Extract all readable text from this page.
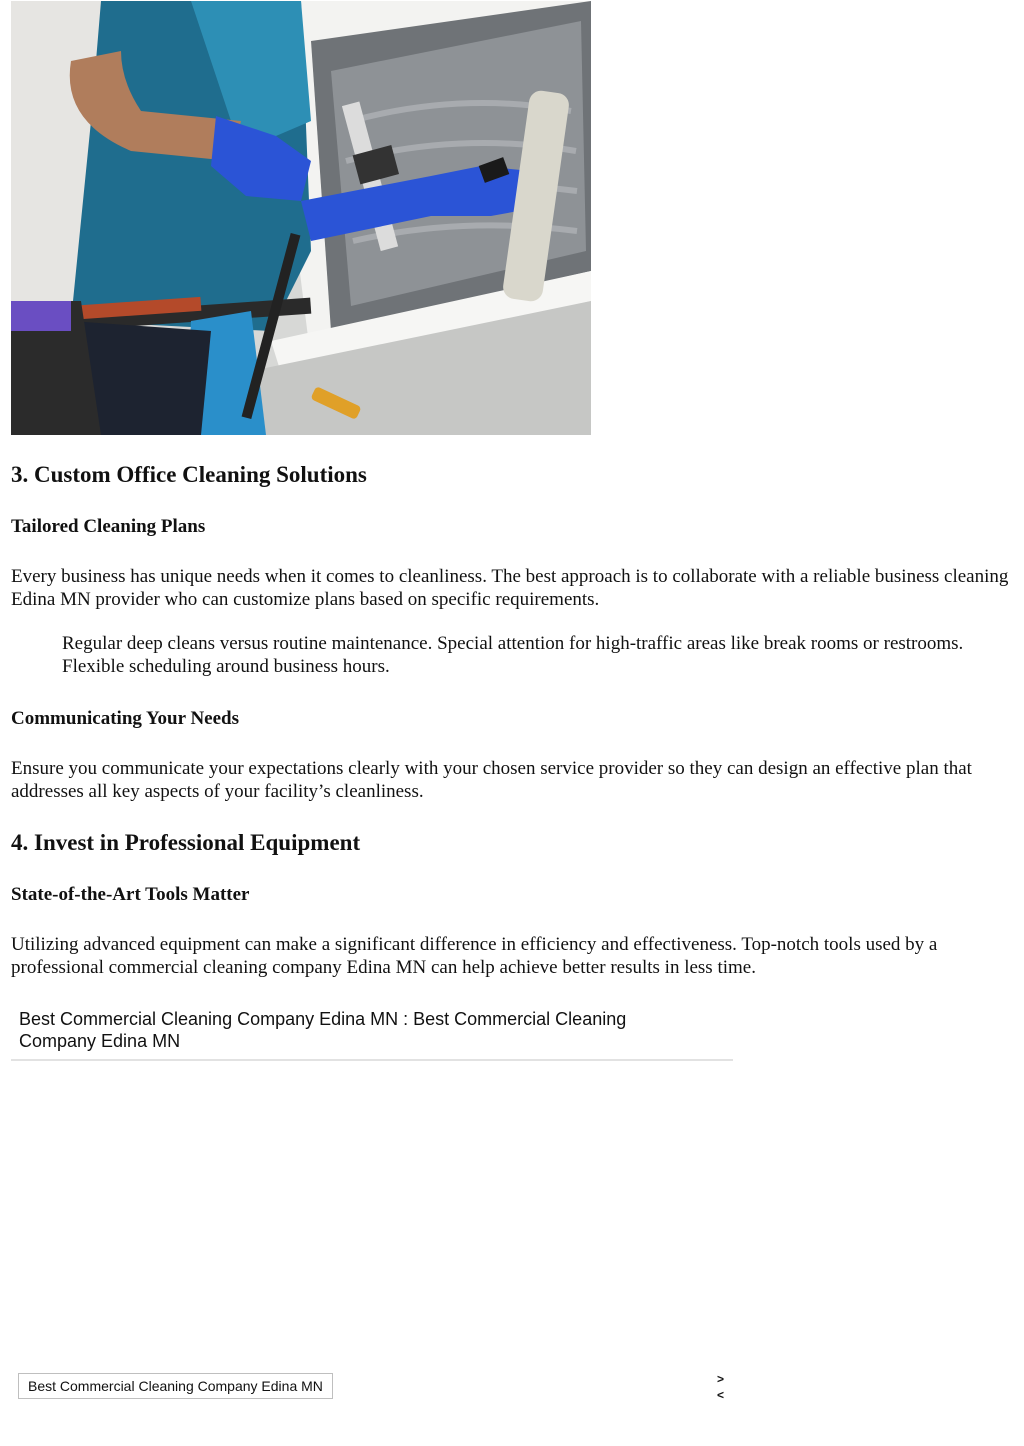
3. Custom Office Cleaning Solutions
Tailored Cleaning Plans

Every business has unique needs when it comes to cleanliness. The best approach is to collaborate with a reliable business cleaning Edina MN provider who can customize plans based on specific requirements.

Regular deep cleans versus routine maintenance. Special attention for high-traffic areas like break rooms or restrooms. Flexible scheduling around business hours.

Communicating Your Needs

Ensure you communicate your expectations clearly with your chosen service provider so they can design an effective plan that addresses all key aspects of your facility’s cleanliness.

4. Invest in Professional Equipment
State-of-the-Art Tools Matter

Utilizing advanced equipment can make a significant difference in efficiency and effectiveness. Top-notch tools used by a professional commercial cleaning company Edina MN can help achieve better results in less time.

Best Commercial Cleaning Company Edina MN : Best Commercial Cleaning Company Edina MN
Best Commercial Cleaning Company Edina MN	>
<
